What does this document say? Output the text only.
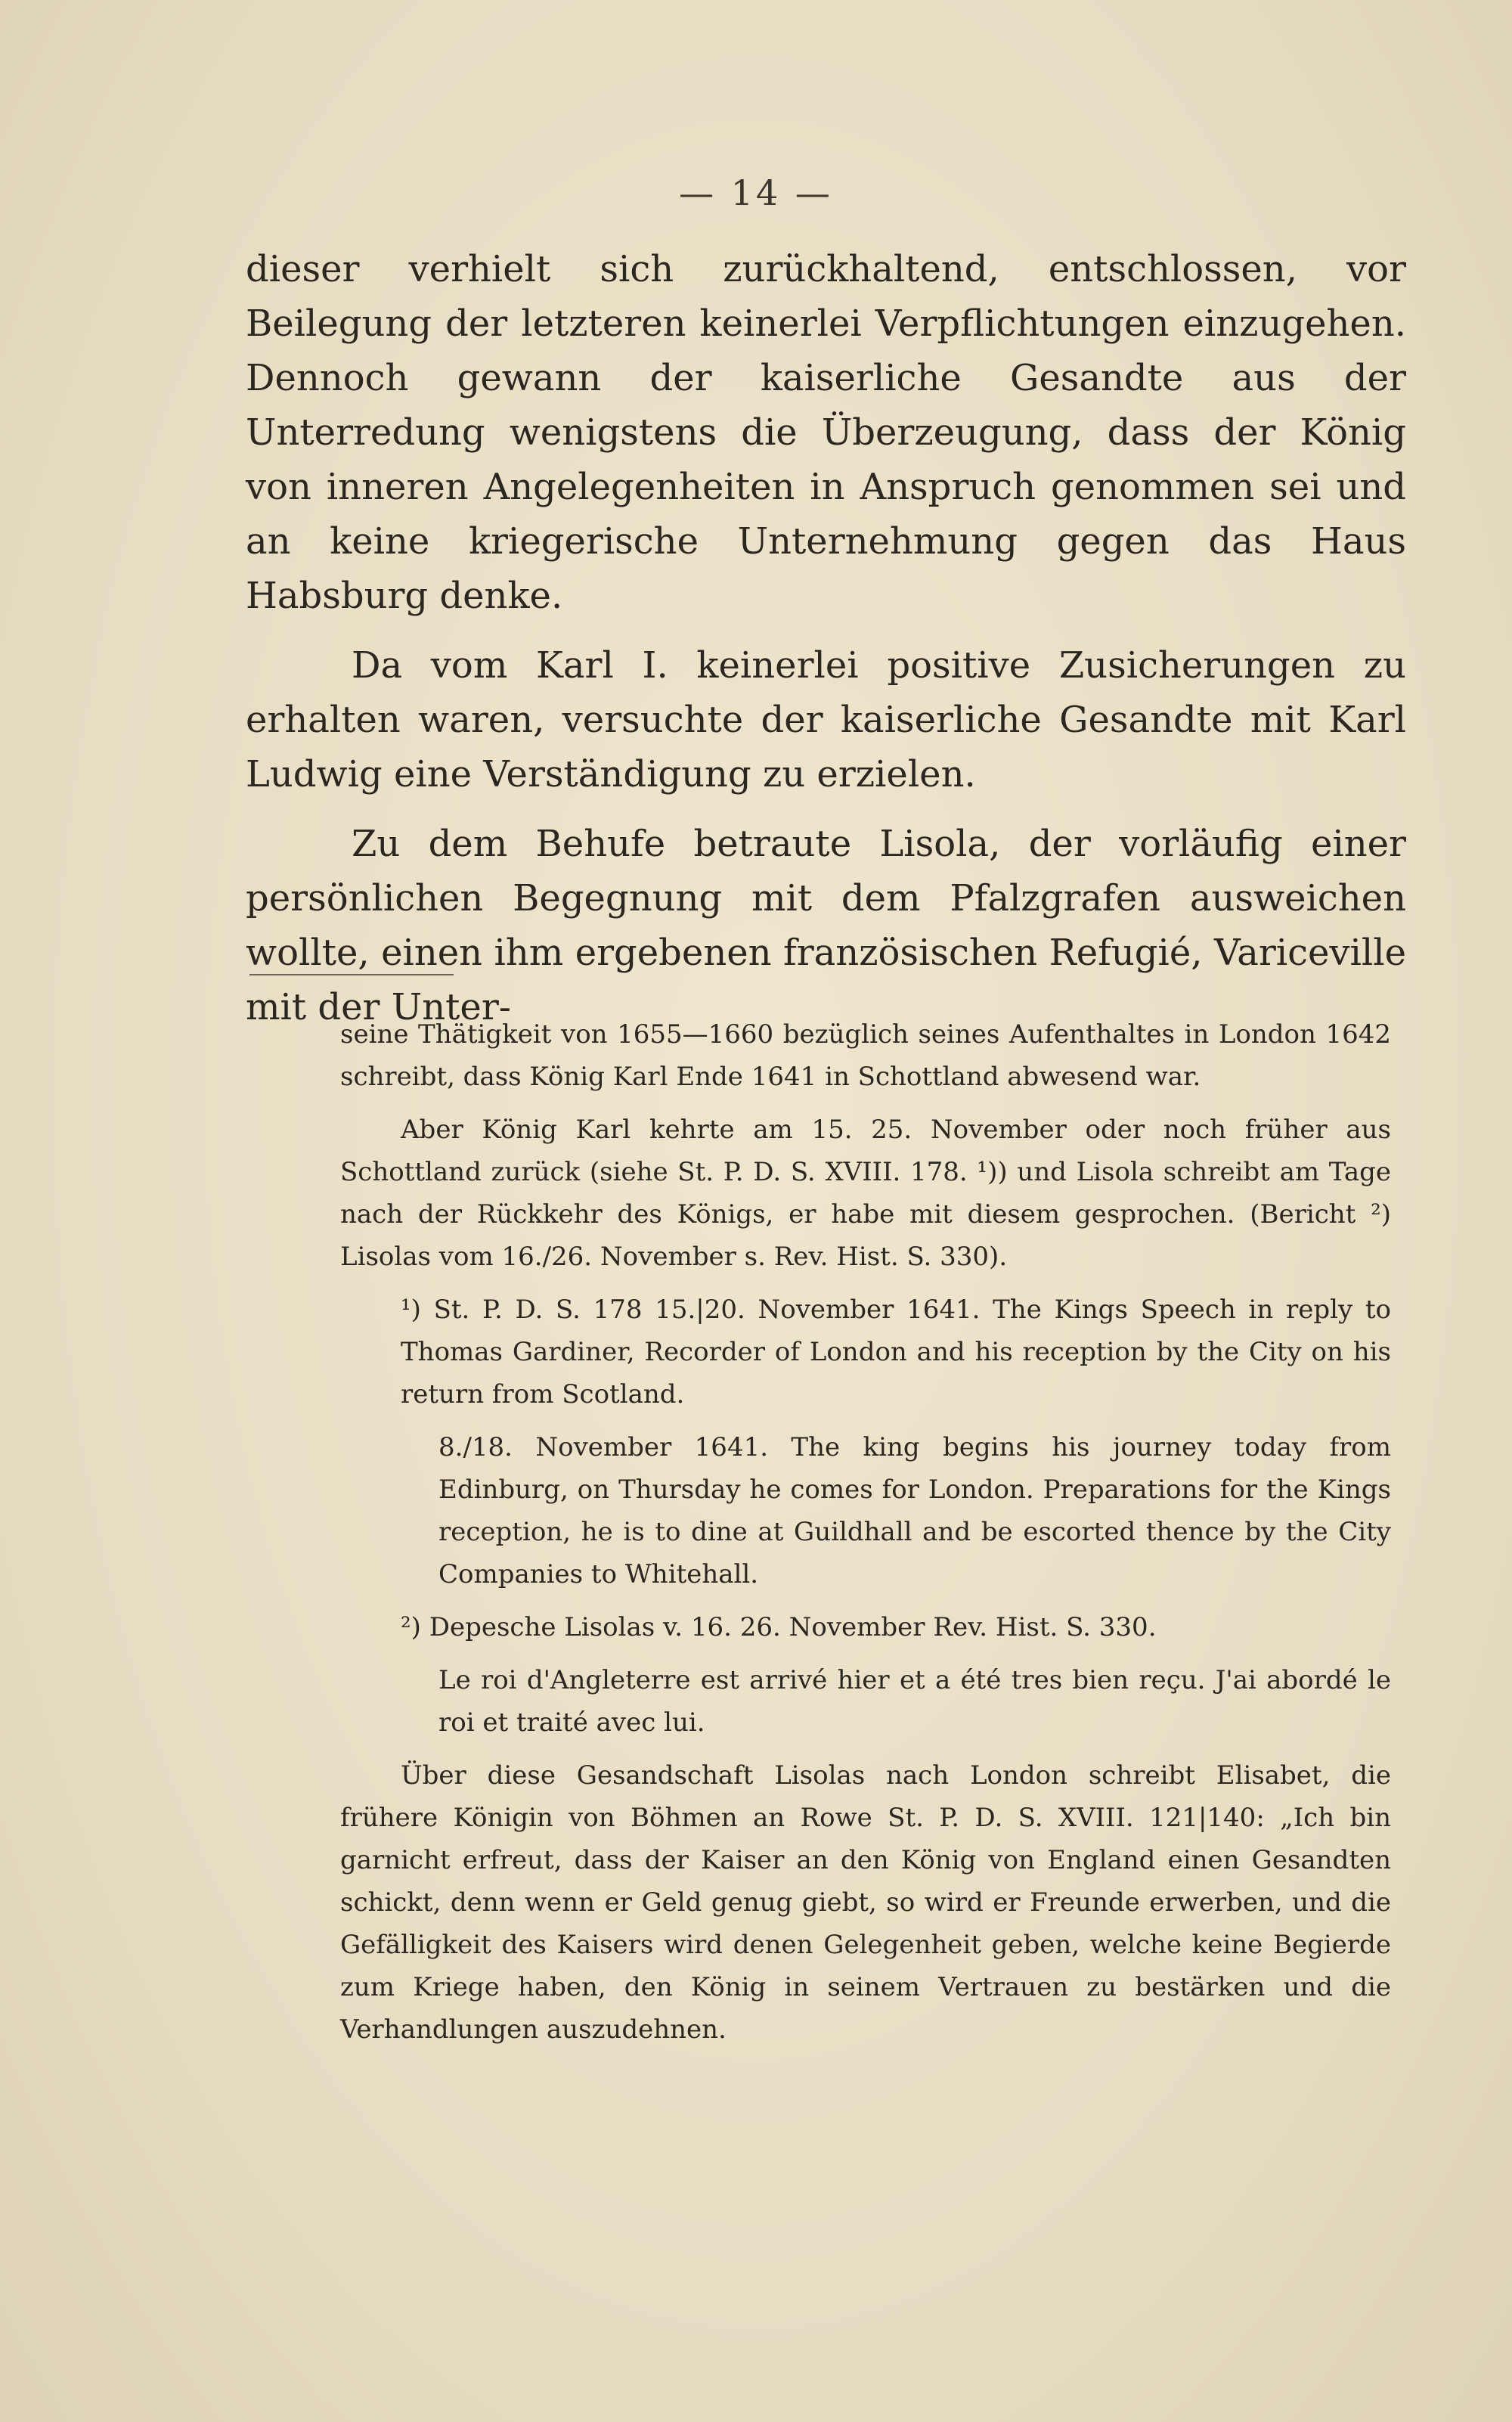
— 14 —

dieser verhielt sich zurückhaltend, entschlossen, vor Beilegung der letzteren keinerlei Verpflichtungen einzugehen. Dennoch gewann der kaiserliche Gesandte aus der Unterredung wenigstens die Überzeugung, dass der König von inneren Angelegenheiten in Anspruch genommen sei und an keine kriegerische Unternehmung gegen das Haus Habsburg denke.

Da vom Karl I. keinerlei positive Zusicherungen zu erhalten waren, versuchte der kaiserliche Gesandte mit Karl Ludwig eine Verständigung zu erzielen.

Zu dem Behufe betraute Lisola, der vorläufig einer persönlichen Begegnung mit dem Pfalzgrafen ausweichen wollte, einen ihm ergebenen französischen Refugié, Variceville mit der Unter-

seine Thätigkeit von 1655—1660 bezüglich seines Aufenthaltes in London 1642 schreibt, dass König Karl Ende 1641 in Schottland abwesend war.

Aber König Karl kehrte am 15. 25. November oder noch früher aus Schottland zurück (siehe St. P. D. S. XVIII. 178. ¹)) und Lisola schreibt am Tage nach der Rückkehr des Königs, er habe mit diesem gesprochen. (Bericht ²) Lisolas vom 16./26. November s. Rev. Hist. S. 330).

¹) St. P. D. S. 178 15.|20. November 1641. The Kings Speech in reply to Thomas Gardiner, Recorder of London and his reception by the City on his return from Scotland.

8./18. November 1641. The king begins his journey today from Edinburg, on Thursday he comes for London. Preparations for the Kings reception, he is to dine at Guildhall and be escorted thence by the City Companies to Whitehall.

²) Depesche Lisolas v. 16. 26. November Rev. Hist. S. 330.

Le roi d'Angleterre est arrivé hier et a été tres bien reçu. J'ai abordé le roi et traité avec lui.

Über diese Gesandschaft Lisolas nach London schreibt Elisabet, die frühere Königin von Böhmen an Rowe St. P. D. S. XVIII. 121|140: „Ich bin garnicht erfreut, dass der Kaiser an den König von England einen Gesandten schickt, denn wenn er Geld genug giebt, so wird er Freunde erwerben, und die Gefälligkeit des Kaisers wird denen Gelegenheit geben, welche keine Begierde zum Kriege haben, den König in seinem Vertrauen zu bestärken und die Verhandlungen auszudehnen.
